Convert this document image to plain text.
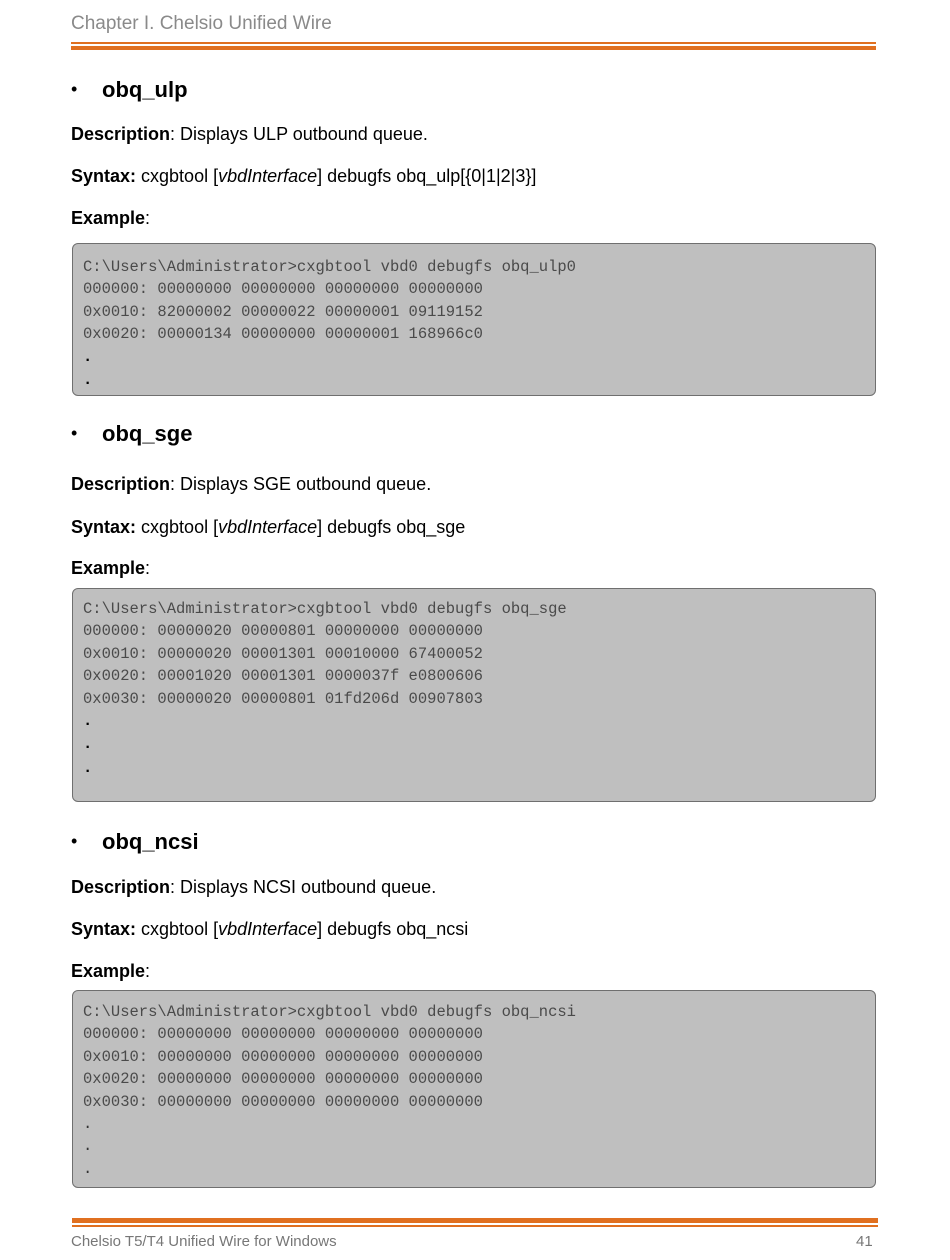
Chapter I. Chelsio Unified Wire
• obq_ulp
Description: Displays ULP outbound queue.
Syntax: cxgbtool [vbdInterface] debugfs obq_ulp[{0|1|2|3}]
Example:
C:\Users\Administrator>cxgbtool vbd0 debugfs obq_ulp0
000000: 00000000 00000000 00000000 00000000
0x0010: 82000002 00000022 00000001 09119152
0x0020: 00000134 00000000 00000001 168966c0
.
.
• obq_sge
Description: Displays SGE outbound queue.
Syntax: cxgbtool [vbdInterface] debugfs obq_sge
Example:
C:\Users\Administrator>cxgbtool vbd0 debugfs obq_sge
000000: 00000020 00000801 00000000 00000000
0x0010: 00000020 00001301 00010000 67400052
0x0020: 00001020 00001301 0000037f e0800606
0x0030: 00000020 00000801 01fd206d 00907803
.
.
.
• obq_ncsi
Description: Displays NCSI outbound queue.
Syntax: cxgbtool [vbdInterface] debugfs obq_ncsi
Example:
C:\Users\Administrator>cxgbtool vbd0 debugfs obq_ncsi
000000: 00000000 00000000 00000000 00000000
0x0010: 00000000 00000000 00000000 00000000
0x0020: 00000000 00000000 00000000 00000000
0x0030: 00000000 00000000 00000000 00000000
.
.
.
Chelsio T5/T4 Unified Wire for Windows	41
